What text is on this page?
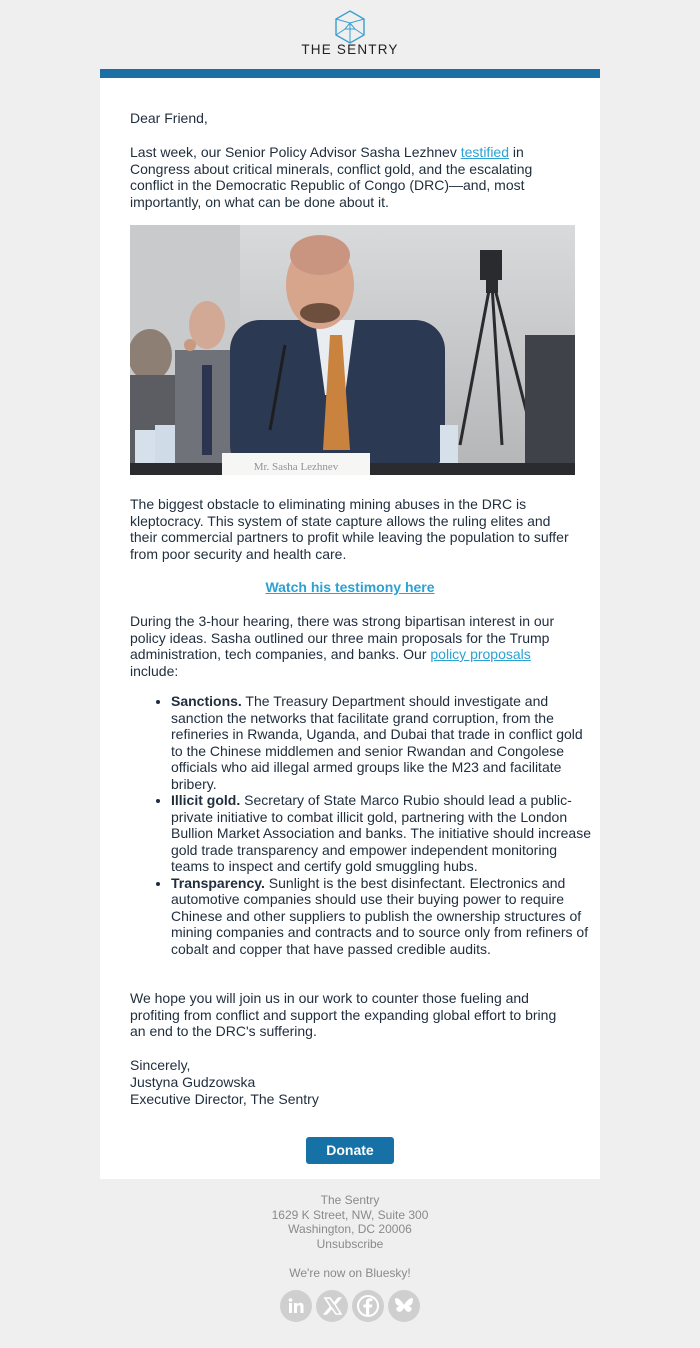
THE SENTRY
Dear Friend,
Last week, our Senior Policy Advisor Sasha Lezhnev testified in Congress about critical minerals, conflict gold, and the escalating conflict in the Democratic Republic of Congo (DRC)—and, most importantly, on what can be done about it.
Mr. Sasha Lezhnev
The biggest obstacle to eliminating mining abuses in the DRC is kleptocracy. This system of state capture allows the ruling elites and their commercial partners to profit while leaving the population to suffer from poor security and health care.
Watch his testimony here
During the 3-hour hearing, there was strong bipartisan interest in our policy ideas. Sasha outlined our three main proposals for the Trump administration, tech companies, and banks. Our policy proposals include:
• Sanctions. The Treasury Department should investigate and sanction the networks that facilitate grand corruption, from the refineries in Rwanda, Uganda, and Dubai that trade in conflict gold to the Chinese middlemen and senior Rwandan and Congolese officials who aid illegal armed groups like the M23 and facilitate bribery.
• Illicit gold. Secretary of State Marco Rubio should lead a public-private initiative to combat illicit gold, partnering with the London Bullion Market Association and banks. The initiative should increase gold trade transparency and empower independent monitoring teams to inspect and certify gold smuggling hubs.
• Transparency. Sunlight is the best disinfectant. Electronics and automotive companies should use their buying power to require Chinese and other suppliers to publish the ownership structures of mining companies and contracts and to source only from refiners of cobalt and copper that have passed credible audits.
We hope you will join us in our work to counter those fueling and profiting from conflict and support the expanding global effort to bring an end to the DRC's suffering.
Sincerely,
Justyna Gudzowska
Executive Director, The Sentry
Donate
The Sentry
1629 K Street, NW, Suite 300
Washington, DC 20006
Unsubscribe
We're now on Bluesky!
